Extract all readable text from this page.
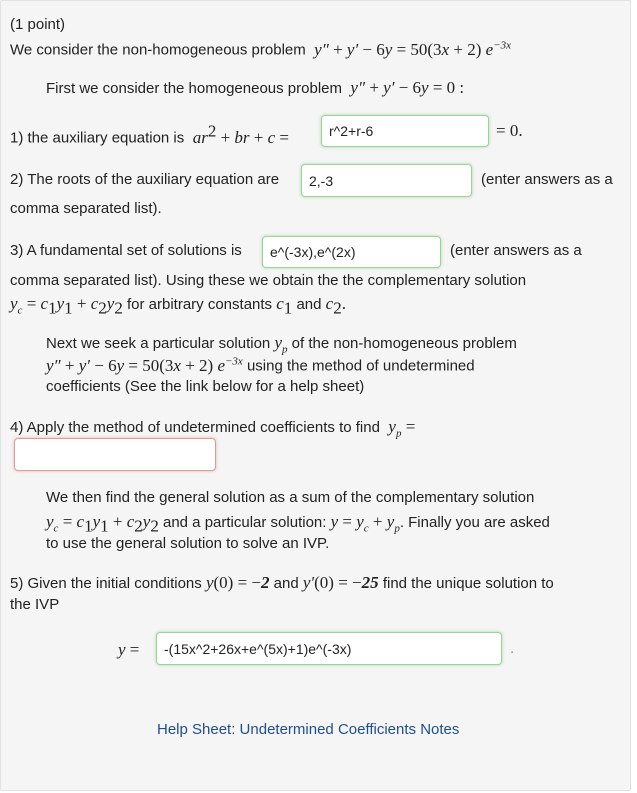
(1 point)
We consider the non-homogeneous problem  y″ + y′ − 6y = 50(3x + 2) $e^{-3x}$
First we consider the homogeneous problem  y″ + y′ − 6y = 0 :
1) the auxiliary equation is  $ar^2$ + br + c =
r^2+r-6	= 0.
2) The roots of the auxiliary equation are
2,-3	(enter answers as a
comma separated list).
3) A fundamental set of solutions is
e^(-3x),e^(2x)	(enter answers as a
comma separated list). Using these we obtain the the complementary solution
$y_c = c_1y_1 + c_2y_2$ for arbitrary constants $c_1$ and $c_2$.
Next we seek a particular solution $y_p$ of the non-homogeneous problem
y″ + y′ − 6y = 50(3x + 2) $e^{-3x}$ using the method of undetermined
coefficients (See the link below for a help sheet)
4) Apply the method of undetermined coefficients to find  $y_p$ =
We then find the general solution as a sum of the complementary solution
$y_c = c_1y_1 + c_2y_2$ and a particular solution: $y = y_c + y_p$. Finally you are asked
to use the general solution to solve an IVP.
5) Given the initial conditions y(0) = −2 and y′(0) = −25 find the unique solution to
the IVP
y =
-(15x^2+26x+e^(5x)+1)e^(-3x)	.
Help Sheet: Undetermined Coefficients Notes
